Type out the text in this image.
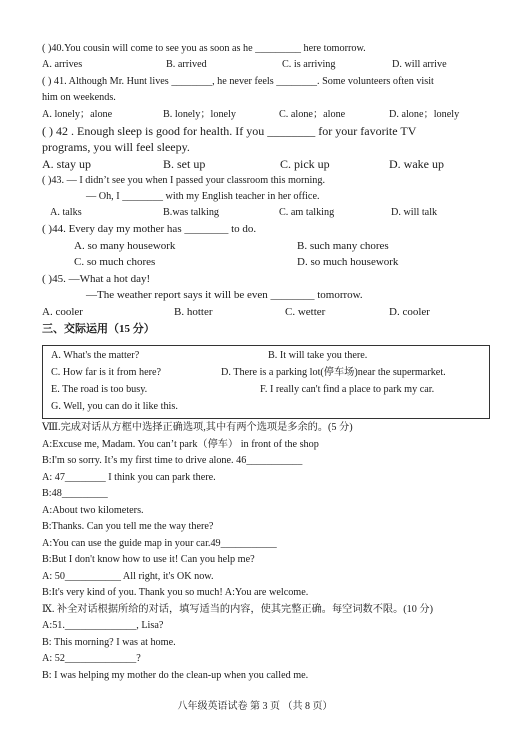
( )40.You cousin will come to see you as soon as he _________ here tomorrow.
A. arrives	B. arrived	C. is arriving	D. will arrive
( ) 41. Although Mr. Hunt lives ________, he never feels ________. Some volunteers often visit
him on weekends.
A. lonely；alone	B. lonely；lonely	C. alone；alone	D. alone；lonely
( ) 42 . Enough sleep is good for health. If you ________ for your favorite TV
programs, you will feel sleepy.
A. stay up	B. set up	C. pick up	D. wake up
( )43. — I didn’t see you when I passed your classroom this morning.
— Oh, I ________ with my English teacher in her office.
A. talks	B.was talking	C. am talking	D. will talk
( )44. Every day my mother has ________ to do.
A. so many housework	B. such many chores
C. so much chores	D. so much housework
( )45. —What a hot day!
—The weather report says it will be even ________ tomorrow.
A. cooler	B. hotter	C. wetter	D. cooler
三、交际运用（15 分）
A. What's the matter?	B. It will take you there.
C. How far is it from here?	D. There is a parking lot(停车场)near the supermarket.
E. The road is too busy.	F. I really can't find a place to park my car.
G. Well, you can do it like this.
Ⅷ.完成对话从方框中选择正确选项,其中有两个选项是多余的。(5 分)
A:Excuse me, Madam. You can’t park（停车） in front of the shop
B:I'm so sorry. It’s my first time to drive alone. 46___________
A: 47________ I think you can park there.
B:48_________
A:About two kilometers.
B:Thanks. Can you tell me the way there?
A:You can use the guide map in your car.49___________
B:But I don't know how to use it! Can you help me?
A: 50___________ All right, it's OK now.
B:It's very kind of you. Thank you so much! A:You are welcome.
Ⅸ. 补全对话根据所给的对话，填写适当的内容，使其完整正确。每空词数不限。(10 分)
A:51.______________, Lisa?
B: This morning? I was at home.
A: 52______________?
B: I was helping my mother do the clean-up when you called me.
八年级英语试卷 第 3 页 （共 8 页）
